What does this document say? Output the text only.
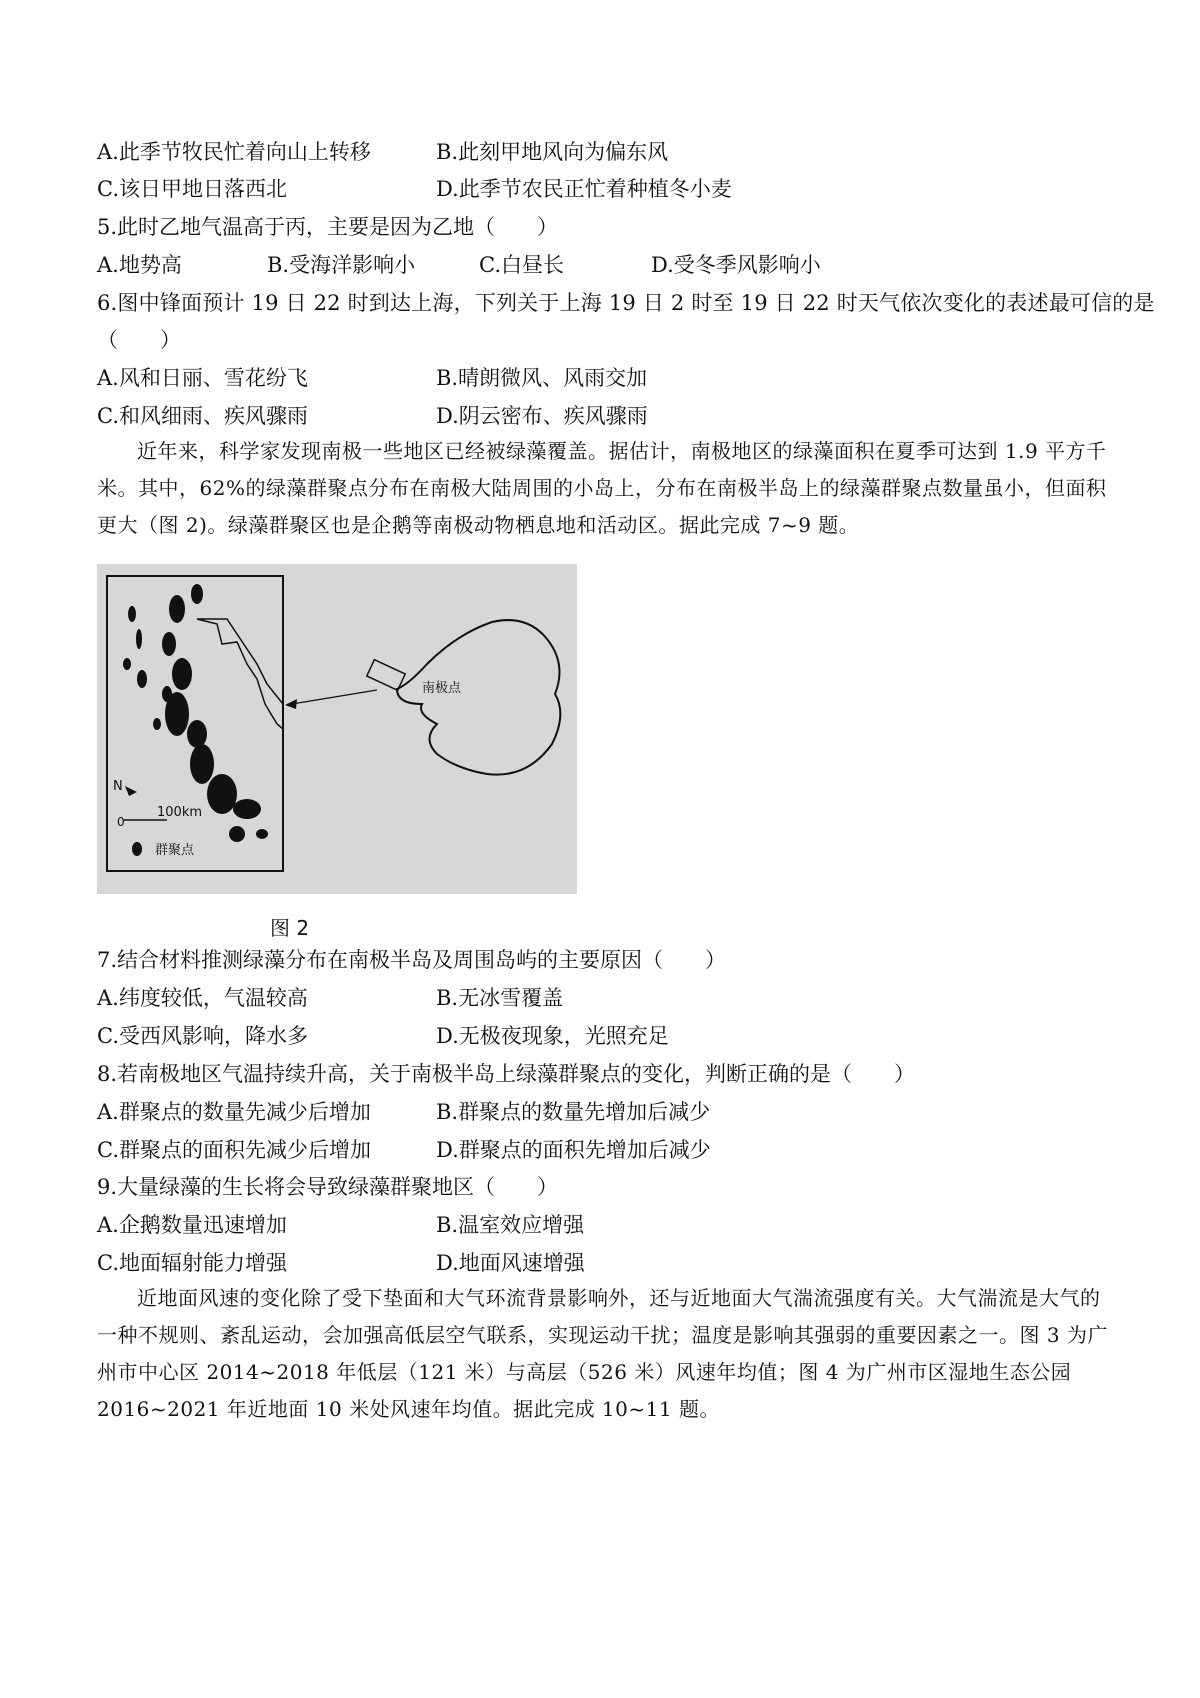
A.此季节牧民忙着向山上转移	B.此刻甲地风向为偏东风
C.该日甲地日落西北	D.此季节农民正忙着种植冬小麦
5.此时乙地气温高于丙，主要是因为乙地（　　）
A.地势高	B.受海洋影响小	C.白昼长	D.受冬季风影响小
6.图中锋面预计 19 日 22 时到达上海，下列关于上海 19 日 2 时至 19 日 22 时天气依次变化的表述最可信的是
（　　）
A.风和日丽、雪花纷飞	B.晴朗微风、风雨交加
C.和风细雨、疾风骤雨	D.阴云密布、疾风骤雨
近年来，科学家发现南极一些地区已经被绿藻覆盖。据估计，南极地区的绿藻面积在夏季可达到 1.9 平方千米。其中，62%的绿藻群聚点分布在南极大陆周围的小岛上，分布在南极半岛上的绿藻群聚点数量虽小，但面积更大（图 2)。绿藻群聚区也是企鹅等南极动物栖息地和活动区。据此完成 7~9 题。
N
0
100km
群聚点
南极点
图 2
7.结合材料推测绿藻分布在南极半岛及周围岛屿的主要原因（　　）
A.纬度较低，气温较高	B.无冰雪覆盖
C.受西风影响，降水多	D.无极夜现象，光照充足
8.若南极地区气温持续升高，关于南极半岛上绿藻群聚点的变化，判断正确的是（　　）
A.群聚点的数量先减少后增加	B.群聚点的数量先增加后减少
C.群聚点的面积先减少后增加	D.群聚点的面积先增加后减少
9.大量绿藻的生长将会导致绿藻群聚地区（　　）
A.企鹅数量迅速增加	B.温室效应增强
C.地面辐射能力增强	D.地面风速增强
近地面风速的变化除了受下垫面和大气环流背景影响外，还与近地面大气湍流强度有关。大气湍流是大气的一种不规则、紊乱运动，会加强高低层空气联系，实现运动干扰；温度是影响其强弱的重要因素之一。图 3 为广州市中心区 2014~2018 年低层（121 米）与高层（526 米）风速年均值；图 4 为广州市区湿地生态公园 2016~2021 年近地面 10 米处风速年均值。据此完成 10~11 题。
